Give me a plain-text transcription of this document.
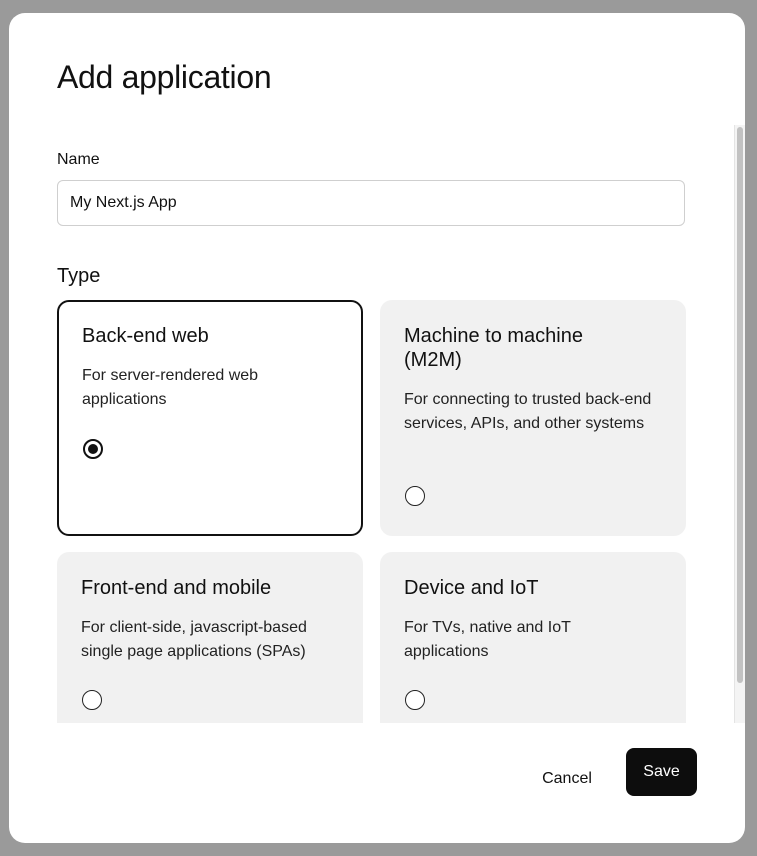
Add application
Name
My Next.js App
Type
Back-end web
For server-rendered web applications
Machine to machine (M2M)
For connecting to trusted back-end services, APIs, and other systems
Front-end and mobile
For client-side, javascript-based single page applications (SPAs)
Device and IoT
For TVs, native and IoT applications
Cancel	Save
